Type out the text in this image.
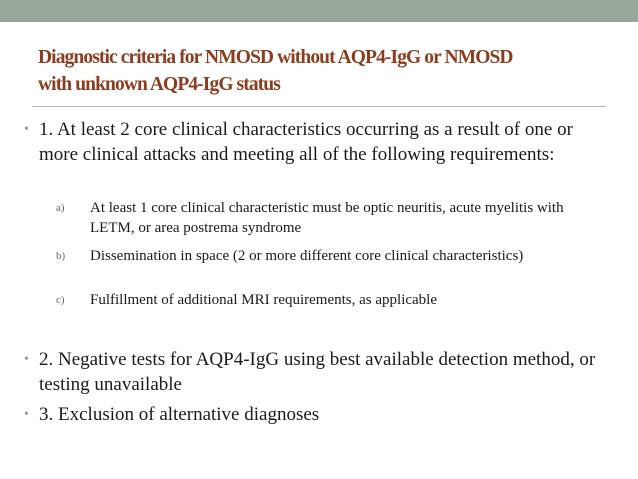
Diagnostic criteria for NMOSD without AQP4-IgG or NMOSD
with unknown AQP4-IgG status
• 1. At least 2 core clinical characteristics occurring as a result of one or more clinical attacks and meeting all of the following requirements:
a) At least 1 core clinical characteristic must be optic neuritis, acute myelitis with LETM, or area postrema syndrome
b) Dissemination in space (2 or more different core clinical characteristics)
c) Fulfillment of additional MRI requirements, as applicable
• 2. Negative tests for AQP4-IgG using best available detection method, or testing unavailable
• 3. Exclusion of alternative diagnoses
